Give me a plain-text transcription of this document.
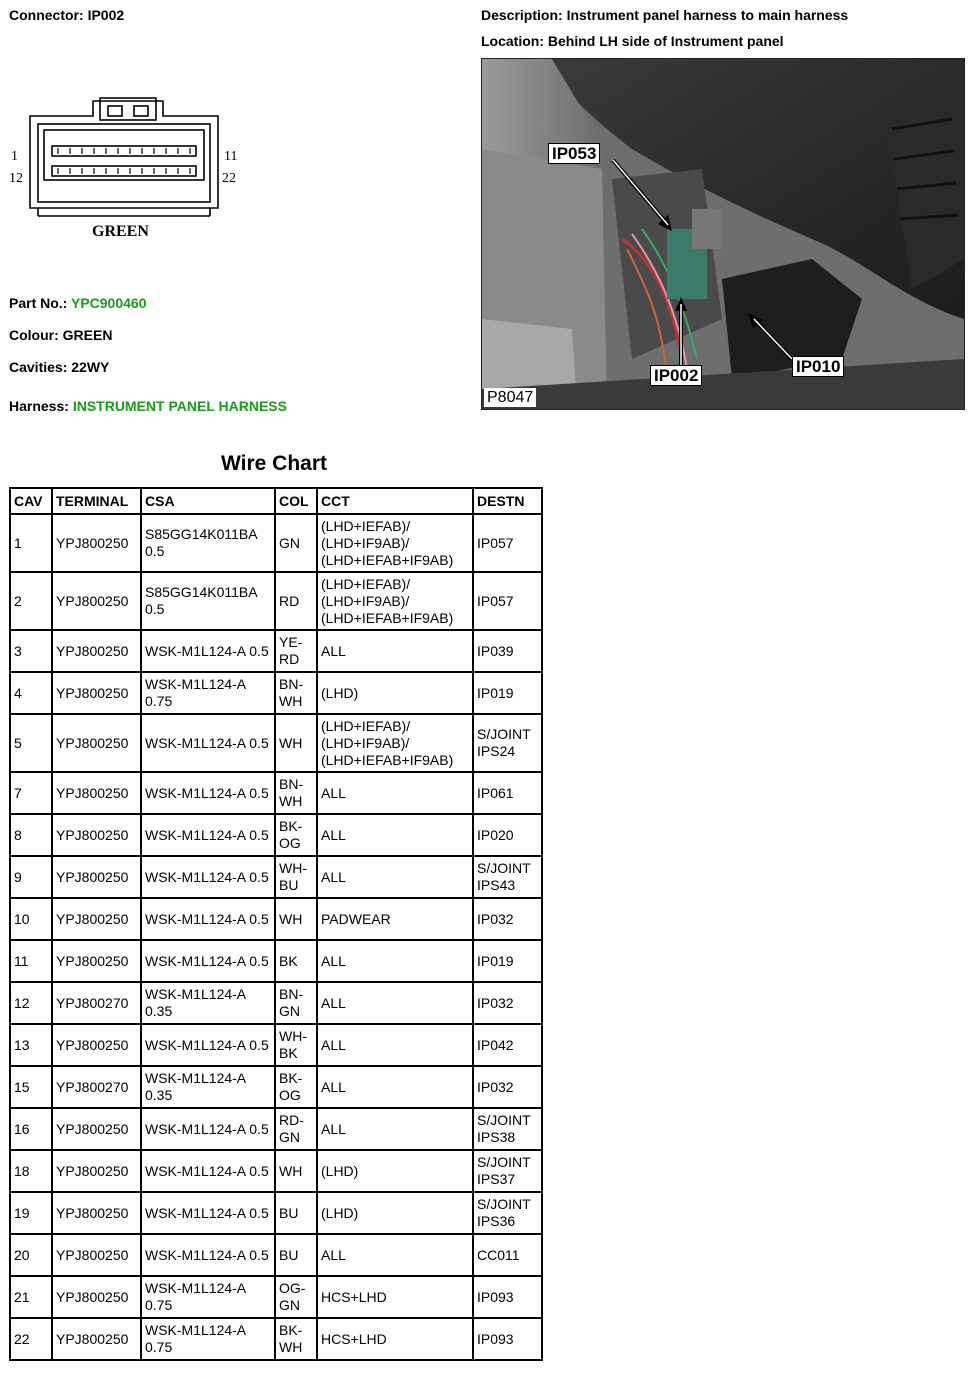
Connector: IP002	Description: Instrument panel harness to main harness
Location: Behind LH side of Instrument panel
1
12
11
22
GREEN
Part No.: YPC900460
Colour: GREEN
Cavities: 22WY
Harness: INSTRUMENT PANEL HARNESS
IP053
IP002	IP010
P8047
Wire Chart
CAV	TERMINAL	CSA	COL	CCT	DESTN
1	YPJ800250	S85GG14K011BA 0.5	GN	(LHD+IEFAB)/ (LHD+IF9AB)/ (LHD+IEFAB+IF9AB)	IP057
2	YPJ800250	S85GG14K011BA 0.5	RD	(LHD+IEFAB)/ (LHD+IF9AB)/ (LHD+IEFAB+IF9AB)	IP057
3	YPJ800250	WSK-M1L124-A 0.5	YE- RD	ALL	IP039
4	YPJ800250	WSK-M1L124-A 0.75	BN- WH	(LHD)	IP019
5	YPJ800250	WSK-M1L124-A 0.5	WH	(LHD+IEFAB)/ (LHD+IF9AB)/ (LHD+IEFAB+IF9AB)	S/JOINT IPS24
7	YPJ800250	WSK-M1L124-A 0.5	BN- WH	ALL	IP061
8	YPJ800250	WSK-M1L124-A 0.5	BK- OG	ALL	IP020
9	YPJ800250	WSK-M1L124-A 0.5	WH- BU	ALL	S/JOINT IPS43
10	YPJ800250	WSK-M1L124-A 0.5	WH	PADWEAR	IP032
11	YPJ800250	WSK-M1L124-A 0.5	BK	ALL	IP019
12	YPJ800270	WSK-M1L124-A 0.35	BN- GN	ALL	IP032
13	YPJ800250	WSK-M1L124-A 0.5	WH- BK	ALL	IP042
15	YPJ800270	WSK-M1L124-A 0.35	BK- OG	ALL	IP032
16	YPJ800250	WSK-M1L124-A 0.5	RD- GN	ALL	S/JOINT IPS38
18	YPJ800250	WSK-M1L124-A 0.5	WH	(LHD)	S/JOINT IPS37
19	YPJ800250	WSK-M1L124-A 0.5	BU	(LHD)	S/JOINT IPS36
20	YPJ800250	WSK-M1L124-A 0.5	BU	ALL	CC011
21	YPJ800250	WSK-M1L124-A 0.75	OG- GN	HCS+LHD	IP093
22	YPJ800250	WSK-M1L124-A 0.75	BK- WH	HCS+LHD	IP093
